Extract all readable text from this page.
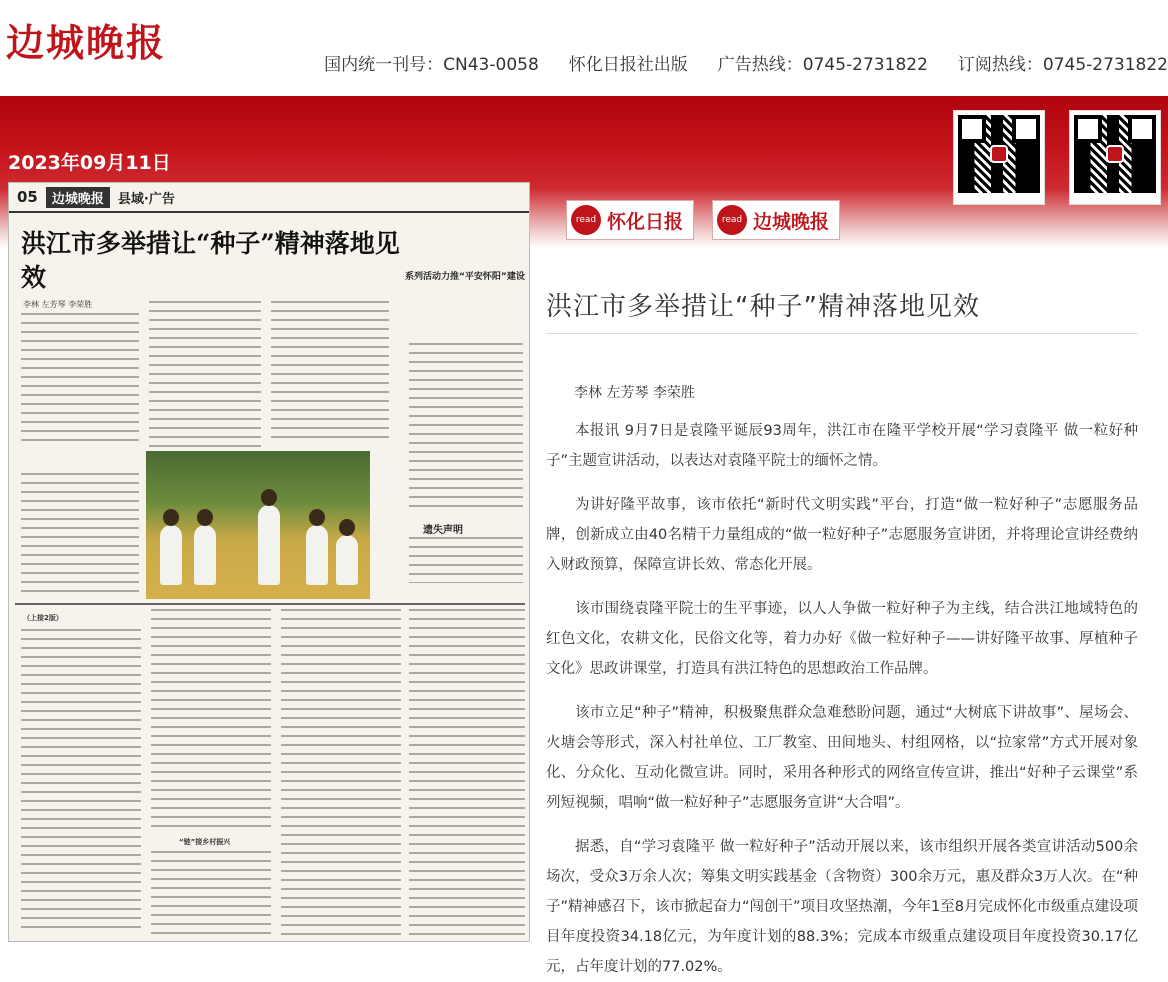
边城晚报	国内统一刊号：CN43-0058 怀化日报社出版 广告热线：0745-2731822 订阅热线：0745-2731822
2023年09月11日
read 怀化日报	read 边城晚报
05	边城晚报	县域·广告
洪江市多举措让“种子”精神落地见效
李林 左芳琴 李荣胜
系列活动力推“平安怀阳”建设
遗失声明
（上接2版）
“链”接乡村振兴
洪江市多举措让“种子”精神落地见效
李林 左芳琴 李荣胜

本报讯 9月7日是袁隆平诞辰93周年，洪江市在隆平学校开展“学习袁隆平 做一粒好种子”主题宣讲活动，以表达对袁隆平院士的缅怀之情。

为讲好隆平故事，该市依托“新时代文明实践”平台，打造“做一粒好种子”志愿服务品牌，创新成立由40名精干力量组成的“做一粒好种子”志愿服务宣讲团，并将理论宣讲经费纳入财政预算，保障宣讲长效、常态化开展。

该市围绕袁隆平院士的生平事迹，以人人争做一粒好种子为主线，结合洪江地域特色的红色文化，农耕文化，民俗文化等，着力办好《做一粒好种子——讲好隆平故事、厚植种子文化》思政讲课堂，打造具有洪江特色的思想政治工作品牌。

该市立足“种子”精神，积极聚焦群众急难愁盼问题，通过“大树底下讲故事”、屋场会、火塘会等形式，深入村社单位、工厂教室、田间地头、村组网格，以“拉家常”方式开展对象化、分众化、互动化微宣讲。同时，采用各种形式的网络宣传宣讲，推出“好种子云课堂”系列短视频，唱响“做一粒好种子”志愿服务宣讲“大合唱”。

据悉，自“学习袁隆平 做一粒好种子”活动开展以来，该市组织开展各类宣讲活动500余场次，受众3万余人次；筹集文明实践基金（含物资）300余万元，惠及群众3万人次。在“种子”精神感召下，该市掀起奋力“闯创干”项目攻坚热潮，今年1至8月完成怀化市级重点建设项目年度投资34.18亿元，为年度计划的88.3%；完成本市级重点建设项目年度投资30.17亿元，占年度计划的77.02%。
